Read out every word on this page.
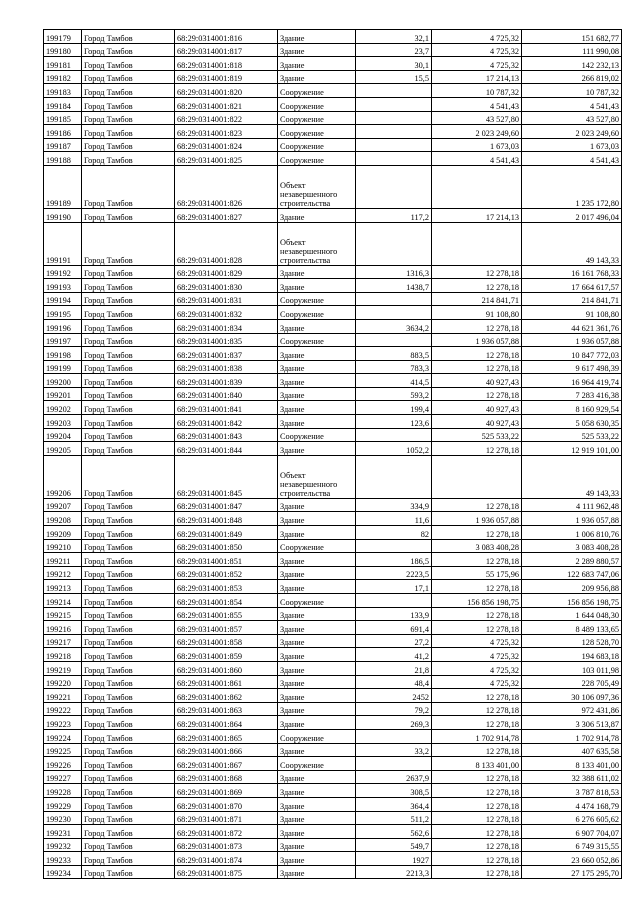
199179	Город Тамбов	68:29:0314001:816	Здание	32,1	4 725,32	151 682,77
199180	Город Тамбов	68:29:0314001:817	Здание	23,7	4 725,32	111 990,08
199181	Город Тамбов	68:29:0314001:818	Здание	30,1	4 725,32	142 232,13
199182	Город Тамбов	68:29:0314001:819	Здание	15,5	17 214,13	266 819,02
199183	Город Тамбов	68:29:0314001:820	Сооружение		10 787,32	10 787,32
199184	Город Тамбов	68:29:0314001:821	Сооружение		4 541,43	4 541,43
199185	Город Тамбов	68:29:0314001:822	Сооружение		43 527,80	43 527,80
199186	Город Тамбов	68:29:0314001:823	Сооружение		2 023 249,60	2 023 249,60
199187	Город Тамбов	68:29:0314001:824	Сооружение		1 673,03	1 673,03
199188	Город Тамбов	68:29:0314001:825	Сооружение		4 541,43	4 541,43
199189	Город Тамбов	68:29:0314001:826	Объект незавершенного строительства			1 235 172,80
199190	Город Тамбов	68:29:0314001:827	Здание	117,2	17 214,13	2 017 496,04
199191	Город Тамбов	68:29:0314001:828	Объект незавершенного строительства			49 143,33
199192	Город Тамбов	68:29:0314001:829	Здание	1316,3	12 278,18	16 161 768,33
199193	Город Тамбов	68:29:0314001:830	Здание	1438,7	12 278,18	17 664 617,57
199194	Город Тамбов	68:29:0314001:831	Сооружение		214 841,71	214 841,71
199195	Город Тамбов	68:29:0314001:832	Сооружение		91 108,80	91 108,80
199196	Город Тамбов	68:29:0314001:834	Здание	3634,2	12 278,18	44 621 361,76
199197	Город Тамбов	68:29:0314001:835	Сооружение		1 936 057,88	1 936 057,88
199198	Город Тамбов	68:29:0314001:837	Здание	883,5	12 278,18	10 847 772,03
199199	Город Тамбов	68:29:0314001:838	Здание	783,3	12 278,18	9 617 498,39
199200	Город Тамбов	68:29:0314001:839	Здание	414,5	40 927,43	16 964 419,74
199201	Город Тамбов	68:29:0314001:840	Здание	593,2	12 278,18	7 283 416,38
199202	Город Тамбов	68:29:0314001:841	Здание	199,4	40 927,43	8 160 929,54
199203	Город Тамбов	68:29:0314001:842	Здание	123,6	40 927,43	5 058 630,35
199204	Город Тамбов	68:29:0314001:843	Сооружение		525 533,22	525 533,22
199205	Город Тамбов	68:29:0314001:844	Здание	1052,2	12 278,18	12 919 101,00
199206	Город Тамбов	68:29:0314001:845	Объект незавершенного строительства			49 143,33
199207	Город Тамбов	68:29:0314001:847	Здание	334,9	12 278,18	4 111 962,48
199208	Город Тамбов	68:29:0314001:848	Здание	11,6	1 936 057,88	1 936 057,88
199209	Город Тамбов	68:29:0314001:849	Здание	82	12 278,18	1 006 810,76
199210	Город Тамбов	68:29:0314001:850	Сооружение		3 083 408,28	3 083 408,28
199211	Город Тамбов	68:29:0314001:851	Здание	186,5	12 278,18	2 289 880,57
199212	Город Тамбов	68:29:0314001:852	Здание	2223,5	55 175,96	122 683 747,06
199213	Город Тамбов	68:29:0314001:853	Здание	17,1	12 278,18	209 956,88
199214	Город Тамбов	68:29:0314001:854	Сооружение		156 856 198,75	156 856 198,75
199215	Город Тамбов	68:29:0314001:855	Здание	133,9	12 278,18	1 644 048,30
199216	Город Тамбов	68:29:0314001:857	Здание	691,4	12 278,18	8 489 133,65
199217	Город Тамбов	68:29:0314001:858	Здание	27,2	4 725,32	128 528,70
199218	Город Тамбов	68:29:0314001:859	Здание	41,2	4 725,32	194 683,18
199219	Город Тамбов	68:29:0314001:860	Здание	21,8	4 725,32	103 011,98
199220	Город Тамбов	68:29:0314001:861	Здание	48,4	4 725,32	228 705,49
199221	Город Тамбов	68:29:0314001:862	Здание	2452	12 278,18	30 106 097,36
199222	Город Тамбов	68:29:0314001:863	Здание	79,2	12 278,18	972 431,86
199223	Город Тамбов	68:29:0314001:864	Здание	269,3	12 278,18	3 306 513,87
199224	Город Тамбов	68:29:0314001:865	Сооружение		1 702 914,78	1 702 914,78
199225	Город Тамбов	68:29:0314001:866	Здание	33,2	12 278,18	407 635,58
199226	Город Тамбов	68:29:0314001:867	Сооружение		8 133 401,00	8 133 401,00
199227	Город Тамбов	68:29:0314001:868	Здание	2637,9	12 278,18	32 388 611,02
199228	Город Тамбов	68:29:0314001:869	Здание	308,5	12 278,18	3 787 818,53
199229	Город Тамбов	68:29:0314001:870	Здание	364,4	12 278,18	4 474 168,79
199230	Город Тамбов	68:29:0314001:871	Здание	511,2	12 278,18	6 276 605,62
199231	Город Тамбов	68:29:0314001:872	Здание	562,6	12 278,18	6 907 704,07
199232	Город Тамбов	68:29:0314001:873	Здание	549,7	12 278,18	6 749 315,55
199233	Город Тамбов	68:29:0314001:874	Здание	1927	12 278,18	23 660 052,86
199234	Город Тамбов	68:29:0314001:875	Здание	2213,3	12 278,18	27 175 295,70
